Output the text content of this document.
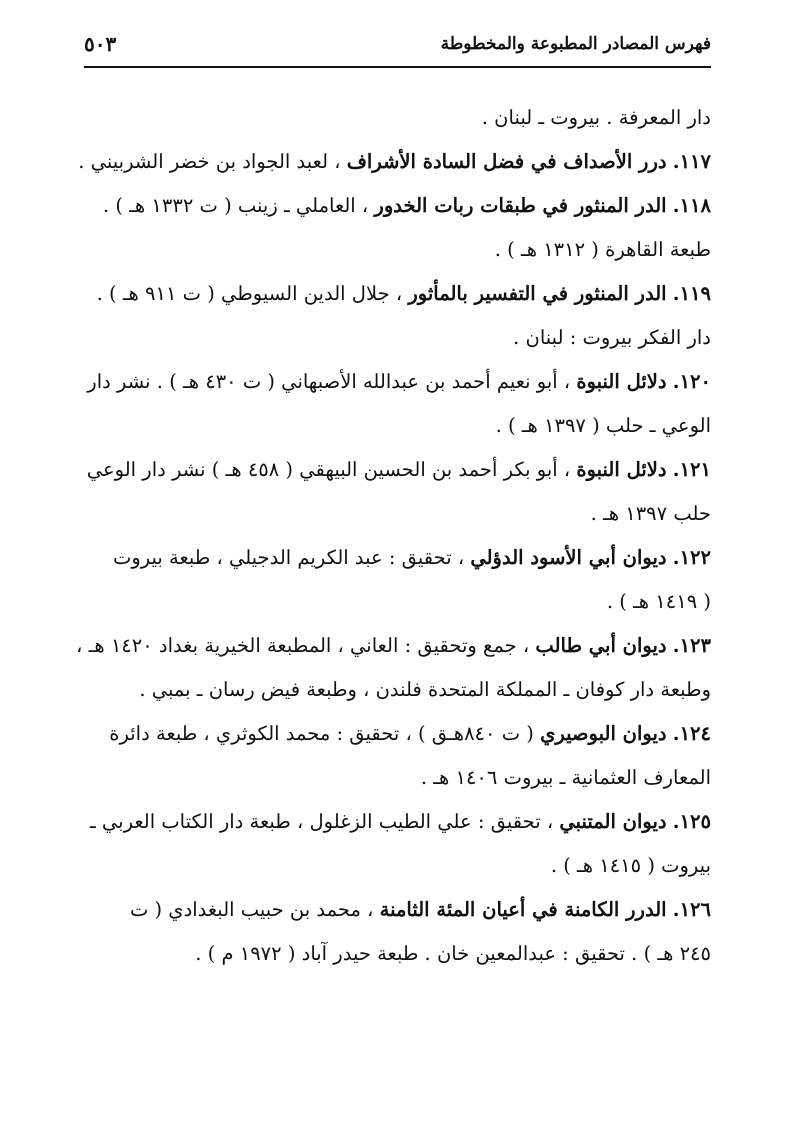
فهرس المصادر المطبوعة والمخطوطة
٥٠٣
دار المعرفة . بيروت ـ لبنان .
١١٧. درر الأصداف في فضل السادة الأشراف ، لعبد الجواد بن خضر الشربيني .
١١٨. الدر المنثور في طبقات ربات الخدور ، العاملي ـ زينب ( ت ١٣٣٢ هـ ) .
طبعة القاهرة ( ١٣١٢ هـ ) .
١١٩. الدر المنثور في التفسير بالمأثور ، جلال الدين السيوطي ( ت ٩١١ هـ ) .
دار الفكر بيروت : لبنان .
١٢٠. دلائل النبوة ، أبو نعيم أحمد بن عبدالله الأصبهاني ( ت ٤٣٠ هـ ) . نشر دار
الوعي ـ حلب ( ١٣٩٧ هـ ) .
١٢١. دلائل النبوة ، أبو بكر أحمد بن الحسين البيهقي ( ٤٥٨ هـ ) نشر دار الوعي
حلب ١٣٩٧ هـ .
١٢٢. ديوان أبي الأسود الدؤلي ، تحقيق : عبد الكريم الدجيلي ، طبعة بيروت
( ١٤١٩ هـ ) .
١٢٣. ديوان أبي طالب ، جمع وتحقيق : العاني ، المطبعة الخيرية بغداد ١٤٢٠ هـ ،
وطبعة دار كوفان ـ المملكة المتحدة فلندن ، وطبعة فيض رسان ـ بمبي .
١٢٤. ديوان البوصيري ( ت ٨٤٠هـق ) ، تحقيق : محمد الكوثري ، طبعة دائرة
المعارف العثمانية ـ بيروت ١٤٠٦ هـ .
١٢٥. ديوان المتنبي ، تحقيق : علي الطيب الزغلول ، طبعة دار الكتاب العربي ـ
بيروت ( ١٤١٥ هـ ) .
١٢٦. الدرر الكامنة في أعيان المئة الثامنة ، محمد بن حبيب البغدادي ( ت
٢٤٥ هـ ) . تحقيق : عبدالمعين خان . طبعة حيدر آباد ( ١٩٧٢ م ) .
